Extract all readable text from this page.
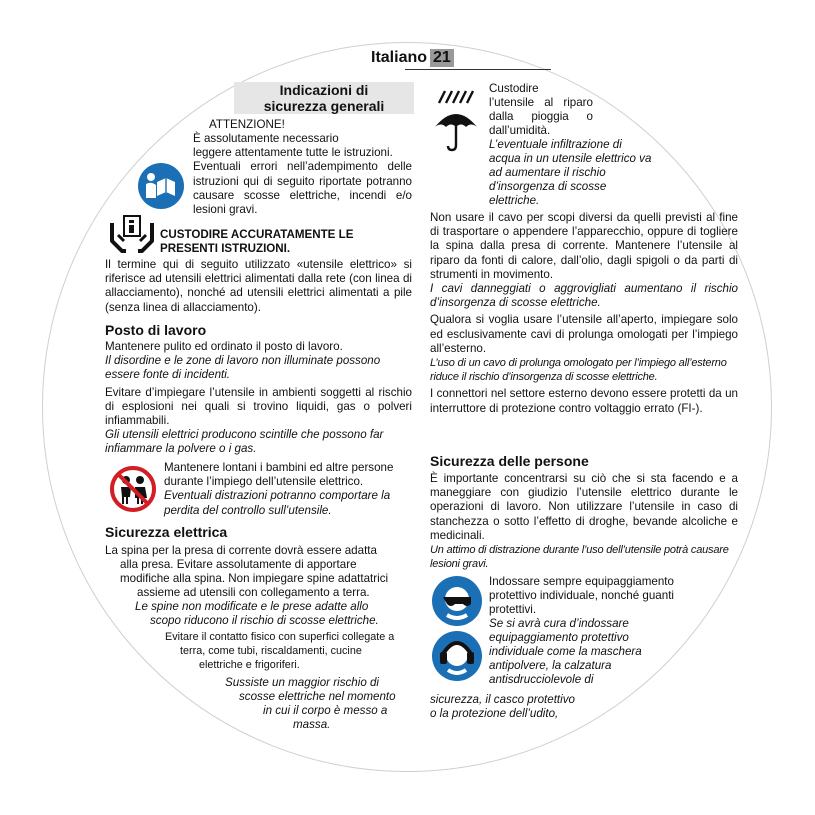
Italiano 21
Indicazioni di
sicurezza generali
ATTENZIONE!

È assolutamente necessario

leggere attentamente tutte le istruzioni.

Eventuali errori nell’adempimento delle istruzioni qui di seguito riportate potranno causare scosse elettriche, incendi e/o lesioni gravi.

CUSTODIRE ACCURATAMENTE LE PRESENTI ISTRUZIONI.
Il termine qui di seguito utilizzato «utensile elettrico» si riferisce ad utensili elettrici alimentati dalla rete (con linea di allacciamento), nonché ad utensili elettrici alimentati a pile (senza linea di allacciamento).
Posto di lavoro

Mantenere pulito ed ordinato il posto di lavoro.

Il disordine e le zone di lavoro non illuminate possono essere fonte di incidenti.

Evitare d’impiegare l’utensile in ambienti soggetti al rischio di esplosioni nei quali si trovino liquidi, gas o polveri infiammabili.

Gli utensili elettrici producono scintille che possono far infiammare la polvere o i gas.

Mantenere lontani i bambini ed altre persone durante l’impiego dell’utensile elettrico.

Eventuali distrazioni potranno comportare la perdita del controllo sull’utensile.

Sicurezza elettrica
La spina per la presa di corrente dovrà essere adatta
alla presa. Evitare assolutamente di apportare
modifiche alla spina. Non impiegare spine adattatrici
assieme ad utensili con collegamento a terra.
Le spine non modificate e le prese adatte allo
scopo riducono il rischio di scosse elettriche.
Evitare il contatto fisico con superfici collegate a
terra, come tubi, riscaldamenti, cucine
elettriche e frigoriferi.
Sussiste un maggior rischio di
scosse elettriche nel momento
in cui il corpo è messo a
massa.
Custodire
l’utensile al riparo
dalla pioggia o
dall’umidità.
L’eventuale infiltrazione di
acqua in un utensile elettrico va
ad aumentare il rischio
d’insorgenza di scosse
elettriche.

Non usare il cavo per scopi diversi da quelli previsti al fine di trasportare o appendere l’apparecchio, oppure di togliere la spina dalla presa di corrente. Mantenere l’utensile al riparo da fonti di calore, dall’olio, dagli spigoli o da parti di strumenti in movimento.

I cavi danneggiati o aggrovigliati aumentano il rischio d’insorgenza di scosse elettriche.

Qualora si voglia usare l’utensile all’aperto, impiegare solo ed esclusivamente cavi di prolunga omologati per l’impiego all’esterno.

L’uso di un cavo di prolunga omologato per l’impiego all’esterno riduce il rischio d’insorgenza di scosse elettriche.

I connettori nel settore esterno devono essere protetti da un interruttore di protezione contro voltaggio errato (FI-).

Sicurezza delle persone

È importante concentrarsi su ciò che si sta facendo e a maneggiare con giudizio l’utensile elettrico durante le operazioni di lavoro. Non utilizzare l’utensile in caso di stanchezza o sotto l’effetto di droghe, bevande alcoliche e medicinali.

Un attimo di distrazione durante l’uso dell’utensile potrà causare lesioni gravi.

Indossare sempre equipaggiamento
protettivo individuale, nonché guanti
protettivi.
Se si avrà cura d’indossare
equipaggiamento protettivo
individuale come la maschera
antipolvere, la calzatura
antisdrucciolevole di
sicurezza, il casco protettivo
o la protezione dell’udito,
